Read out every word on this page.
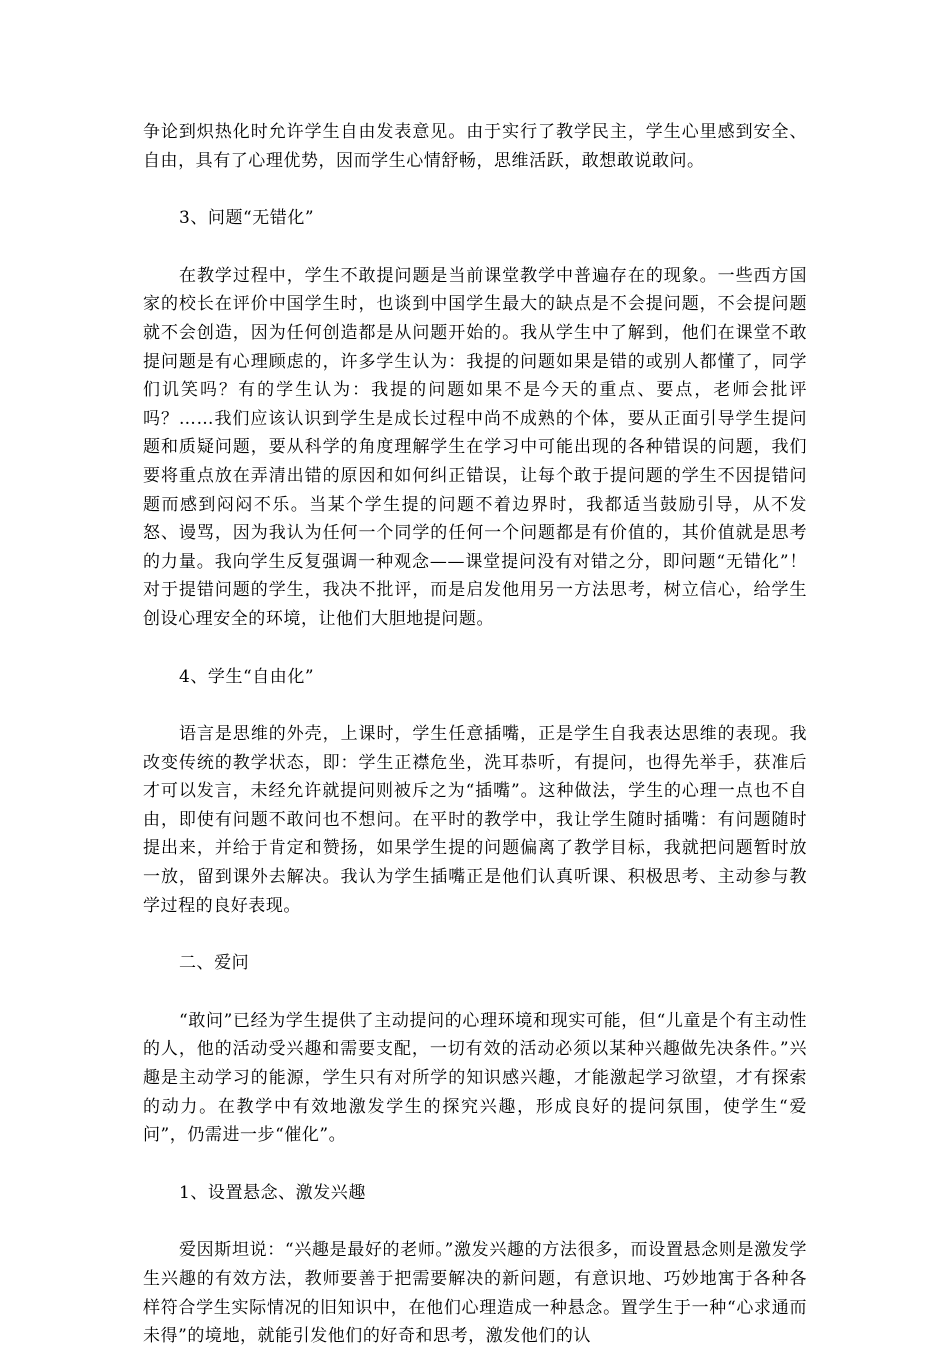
争论到炽热化时允许学生自由发表意见。由于实行了教学民主，学生心里感到安全、自由，具有了心理优势，因而学生心情舒畅，思维活跃，敢想敢说敢问。

3、问题“无错化”

在教学过程中，学生不敢提问题是当前课堂教学中普遍存在的现象。一些西方国家的校长在评价中国学生时，也谈到中国学生最大的缺点是不会提问题，不会提问题就不会创造，因为任何创造都是从问题开始的。我从学生中了解到，他们在课堂不敢提问题是有心理顾虑的，许多学生认为：我提的问题如果是错的或别人都懂了，同学们讥笑吗？有的学生认为：我提的问题如果不是今天的重点、要点，老师会批评吗？……我们应该认识到学生是成长过程中尚不成熟的个体，要从正面引导学生提问题和质疑问题，要从科学的角度理解学生在学习中可能出现的各种错误的问题，我们要将重点放在弄清出错的原因和如何纠正错误，让每个敢于提问题的学生不因提错问题而感到闷闷不乐。当某个学生提的问题不着边界时，我都适当鼓励引导，从不发怒、谩骂，因为我认为任何一个同学的任何一个问题都是有价值的，其价值就是思考的力量。我向学生反复强调一种观念——课堂提问没有对错之分，即问题“无错化”！对于提错问题的学生，我决不批评，而是启发他用另一方法思考，树立信心，给学生创设心理安全的环境，让他们大胆地提问题。

4、学生“自由化”

语言是思维的外壳，上课时，学生任意插嘴，正是学生自我表达思维的表现。我改变传统的教学状态，即：学生正襟危坐，洗耳恭听，有提问，也得先举手，获准后才可以发言，未经允许就提问则被斥之为“插嘴”。这种做法，学生的心理一点也不自由，即使有问题不敢问也不想问。在平时的教学中，我让学生随时插嘴：有问题随时提出来，并给于肯定和赞扬，如果学生提的问题偏离了教学目标，我就把问题暂时放一放，留到课外去解决。我认为学生插嘴正是他们认真听课、积极思考、主动参与教学过程的良好表现。

二、爱问

“敢问”已经为学生提供了主动提问的心理环境和现实可能，但“儿童是个有主动性的人，他的活动受兴趣和需要支配，一切有效的活动必须以某种兴趣做先决条件。”兴趣是主动学习的能源，学生只有对所学的知识感兴趣，才能激起学习欲望，才有探索的动力。在教学中有效地激发学生的探究兴趣，形成良好的提问氛围，使学生“爱问”，仍需进一步“催化”。

1、设置悬念、激发兴趣

爱因斯坦说：“兴趣是最好的老师。”激发兴趣的方法很多，而设置悬念则是激发学生兴趣的有效方法，教师要善于把需要解决的新问题，有意识地、巧妙地寓于各种各样符合学生实际情况的旧知识中，在他们心理造成一种悬念。置学生于一种“心求通而未得”的境地，就能引发他们的好奇和思考，激发他们的认
